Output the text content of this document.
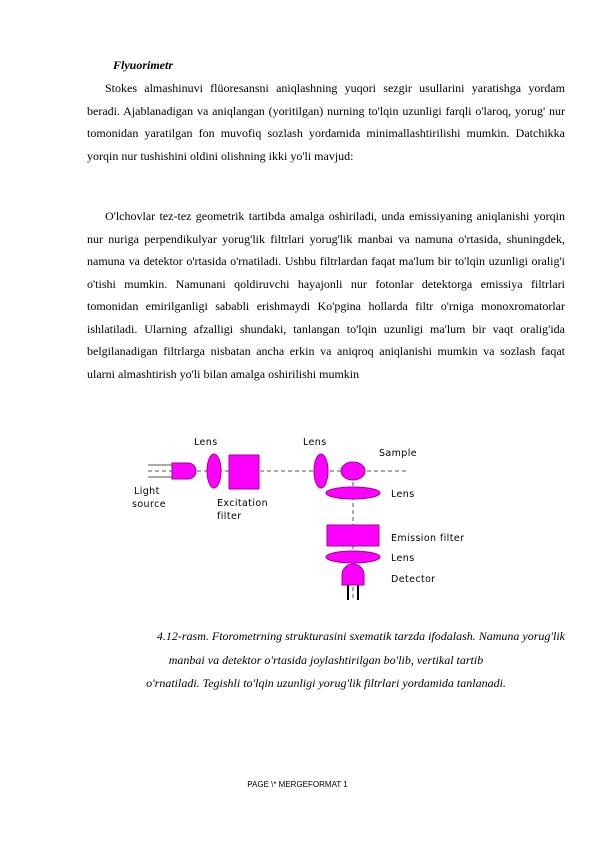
Flyuorimetr
Stokes almashinuvi flüoresansni aniqlashning yuqori sezgir usullarini yaratishga yordam beradi. Ajablanadigan va aniqlangan (yoritilgan) nurning to'lqin uzunligi farqli o'laroq, yorug' nur tomonidan yaratilgan fon muvofiq sozlash yordamida minimallashtirilishi mumkin. Datchikka yorqin nur tushishini oldini olishning ikki yo'li mavjud:
O'lchovlar tez-tez geometrik tartibda amalga oshiriladi, unda emissiyaning aniqlanishi yorqin nur nuriga perpendikulyar yorug'lik filtrlari yorug'lik manbai va namuna o'rtasida, shuningdek, namuna va detektor o'rtasida o'rnatiladi. Ushbu filtrlardan faqat ma'lum bir to'lqin uzunligi oralig'i o'tishi mumkin. Namunani qoldiruvchi hayajonli nur fotonlar detektorga emissiya filtrlari tomonidan emirilganligi sababli erishmaydi Ko'pgina hollarda filtr o'rniga monoxromatorlar ishlatiladi. Ularning afzalligi shundaki, tanlangan to'lqin uzunligi ma'lum bir vaqt oralig'ida belgilanadigan filtrlarga nisbatan ancha erkin va aniqroq aniqlanishi mumkin va sozlash faqat ularni almashtirish yo'li bilan amalga oshirilishi mumkin
Lens	Lens
Sample
Light
source	Excitation
filter
Lens
Emission filter
Lens
Detector
4.12-rasm. Ftorometrning strukturasini sxematik tarzda ifodalash. Namuna yorug'lik
manbai va detektor o'rtasida joylashtirilgan bo'lib, vertikal tartib
o'rnatiladi. Tegishli to'lqin uzunligi yorug'lik filtrlari yordamida tanlanadi.
PAGE \* MERGEFORMAT 1
